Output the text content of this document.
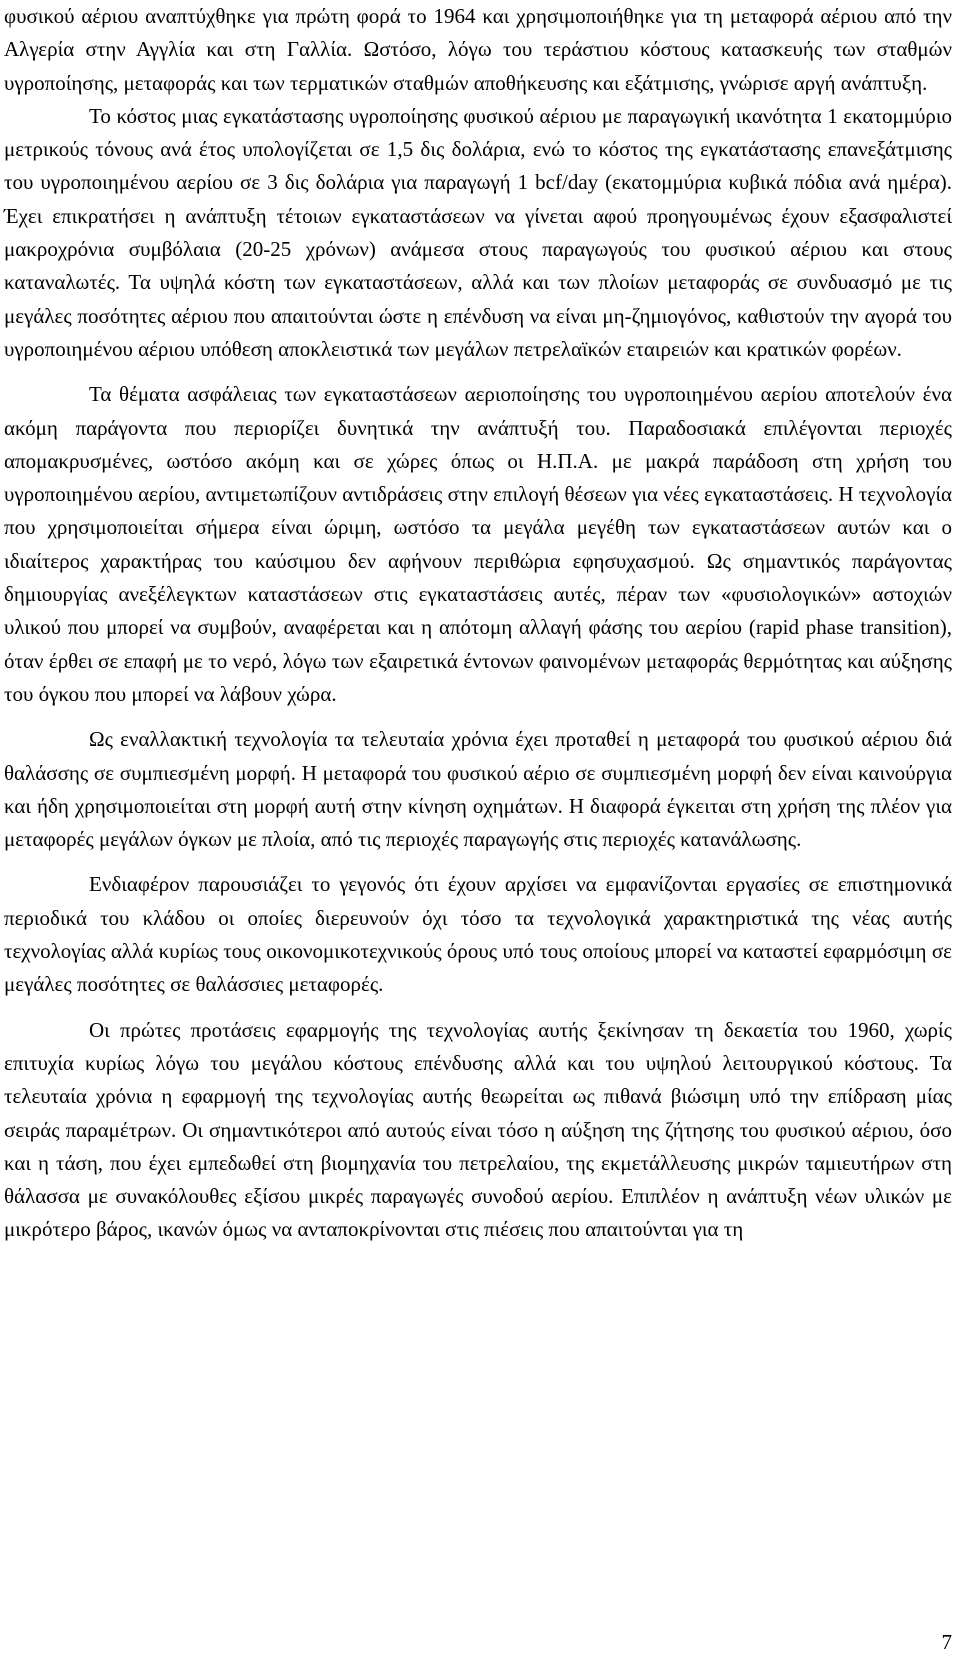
φυσικού αέριου αναπτύχθηκε για πρώτη φορά το 1964 και χρησιμοποιήθηκε για τη μεταφορά αέριου από την Αλγερία στην Αγγλία και στη Γαλλία. Ωστόσο, λόγω του τεράστιου κόστους κατασκευής των σταθμών υγροποίησης, μεταφοράς και των τερματικών σταθμών αποθήκευσης και εξάτμισης, γνώρισε αργή ανάπτυξη.

Το κόστος μιας εγκατάστασης υγροποίησης φυσικού αέριου με παραγωγική ικανότητα 1 εκατομμύριο μετρικούς τόνους ανά έτος υπολογίζεται σε 1,5 δις δολάρια, ενώ το κόστος της εγκατάστασης επανεξάτμισης του υγροποιημένου αερίου σε 3 δις δολάρια για παραγωγή 1 bcf/day (εκατομμύρια κυβικά πόδια ανά ημέρα). Έχει επικρατήσει η ανάπτυξη τέτοιων εγκαταστάσεων να γίνεται αφού προηγουμένως έχουν εξασφαλιστεί μακροχρόνια συμβόλαια (20-25 χρόνων) ανάμεσα στους παραγωγούς του φυσικού αέριου και στους καταναλωτές. Τα υψηλά κόστη των εγκαταστάσεων, αλλά και των πλοίων μεταφοράς σε συνδυασμό με τις μεγάλες ποσότητες αέριου που απαιτούνται ώστε η επένδυση να είναι μη-ζημιογόνος, καθιστούν την αγορά του υγροποιημένου αέριου υπόθεση αποκλειστικά των μεγάλων πετρελαϊκών εταιρειών και κρατικών φορέων.

Τα θέματα ασφάλειας των εγκαταστάσεων αεριοποίησης του υγροποιημένου αερίου αποτελούν ένα ακόμη παράγοντα που περιορίζει δυνητικά την ανάπτυξή του. Παραδοσιακά επιλέγονται περιοχές απομακρυσμένες, ωστόσο ακόμη και σε χώρες όπως οι Η.Π.Α. με μακρά παράδοση στη χρήση του υγροποιημένου αερίου, αντιμετωπίζουν αντιδράσεις στην επιλογή θέσεων για νέες εγκαταστάσεις. Η τεχνολογία που χρησιμοποιείται σήμερα είναι ώριμη, ωστόσο τα μεγάλα μεγέθη των εγκαταστάσεων αυτών και ο ιδιαίτερος χαρακτήρας του καύσιμου δεν αφήνουν περιθώρια εφησυχασμού. Ως σημαντικός παράγοντας δημιουργίας ανεξέλεγκτων καταστάσεων στις εγκαταστάσεις αυτές, πέραν των «φυσιολογικών» αστοχιών υλικού που μπορεί να συμβούν, αναφέρεται και η απότομη αλλαγή φάσης του αερίου (rapid phase transition), όταν έρθει σε επαφή με το νερό, λόγω των εξαιρετικά έντονων φαινομένων μεταφοράς θερμότητας και αύξησης του όγκου που μπορεί να λάβουν χώρα.

Ως εναλλακτική τεχνολογία τα τελευταία χρόνια έχει προταθεί η μεταφορά του φυσικού αέριου διά θαλάσσης σε συμπιεσμένη μορφή. Η μεταφορά του φυσικού αέριο σε συμπιεσμένη μορφή δεν είναι καινούργια και ήδη χρησιμοποιείται στη μορφή αυτή στην κίνηση οχημάτων. Η διαφορά έγκειται στη χρήση της πλέον για μεταφορές μεγάλων όγκων με πλοία, από τις περιοχές παραγωγής στις περιοχές κατανάλωσης.

Ενδιαφέρον παρουσιάζει το γεγονός ότι έχουν αρχίσει να εμφανίζονται εργασίες σε επιστημονικά περιοδικά του κλάδου οι οποίες διερευνούν όχι τόσο τα τεχνολογικά χαρακτηριστικά της νέας αυτής τεχνολογίας αλλά κυρίως τους οικονομικοτεχνικούς όρους υπό τους οποίους μπορεί να καταστεί εφαρμόσιμη σε μεγάλες ποσότητες σε θαλάσσιες μεταφορές.

Οι πρώτες προτάσεις εφαρμογής της τεχνολογίας αυτής ξεκίνησαν τη δεκαετία του 1960, χωρίς επιτυχία κυρίως λόγω του μεγάλου κόστους επένδυσης αλλά και του υψηλού λειτουργικού κόστους. Τα τελευταία χρόνια η εφαρμογή της τεχνολογίας αυτής θεωρείται ως πιθανά βιώσιμη υπό την επίδραση μίας σειράς παραμέτρων. Οι σημαντικότεροι από αυτούς είναι τόσο η αύξηση της ζήτησης του φυσικού αέριου, όσο και η τάση, που έχει εμπεδωθεί στη βιομηχανία του πετρελαίου, της εκμετάλλευσης μικρών ταμιευτήρων στη θάλασσα με συνακόλουθες εξίσου μικρές παραγωγές συνοδού αερίου. Επιπλέον η ανάπτυξη νέων υλικών με μικρότερο βάρος, ικανών όμως να ανταποκρίνονται στις πιέσεις που απαιτούνται για τη

7
